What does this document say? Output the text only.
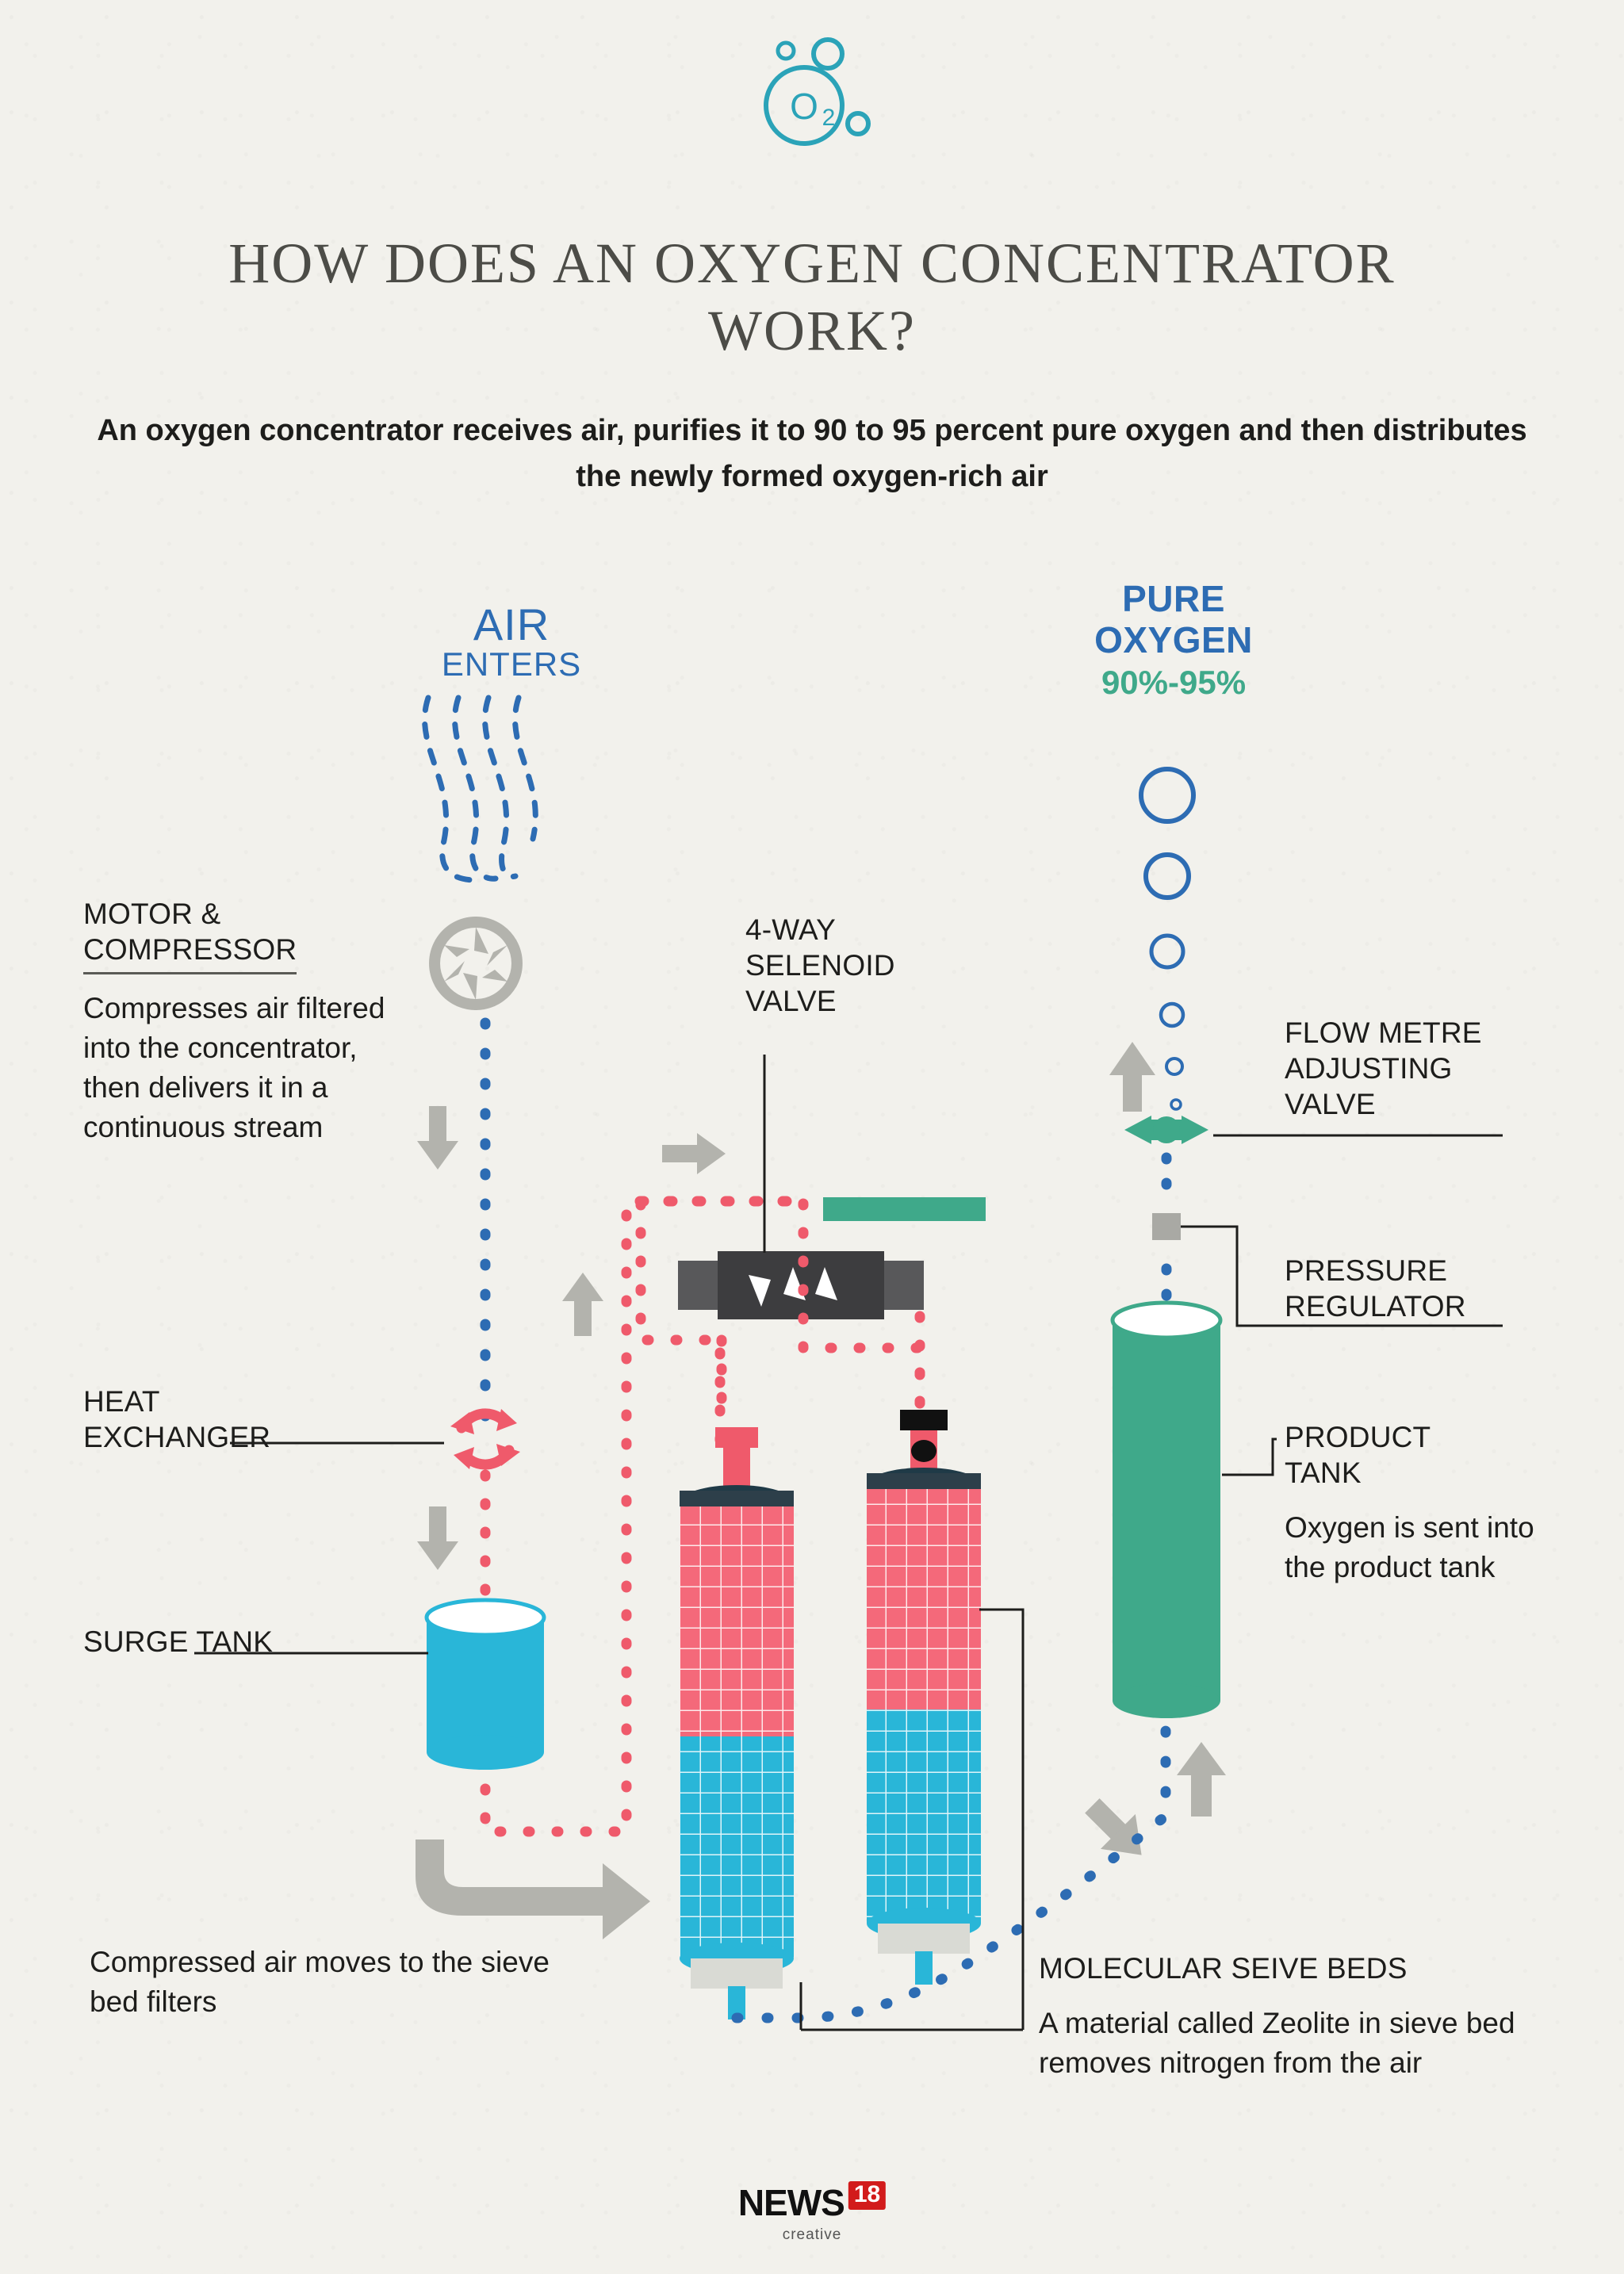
O 2
HOW DOES AN OXYGEN CONCENTRATOR WORK?
An oxygen concentrator receives air, purifies it to 90 to 95 percent pure oxygen and then distributes the newly formed oxygen-rich air
AIR
ENTERS
PURE OXYGEN
90%-95%
MOTOR &
COMPRESSOR
Compresses air filtered into the concentrator, then delivers it in a continuous stream
HEAT
EXCHANGER
SURGE TANK
Compressed air moves to the sieve bed filters
4-WAY
SELENOID
VALVE
FLOW METRE
ADJUSTING
VALVE
PRESSURE
REGULATOR
PRODUCT
TANK
Oxygen is sent into the product tank
MOLECULAR SEIVE BEDS
A material called Zeolite in sieve bed removes nitrogen from the air
NEWS 18
creative
